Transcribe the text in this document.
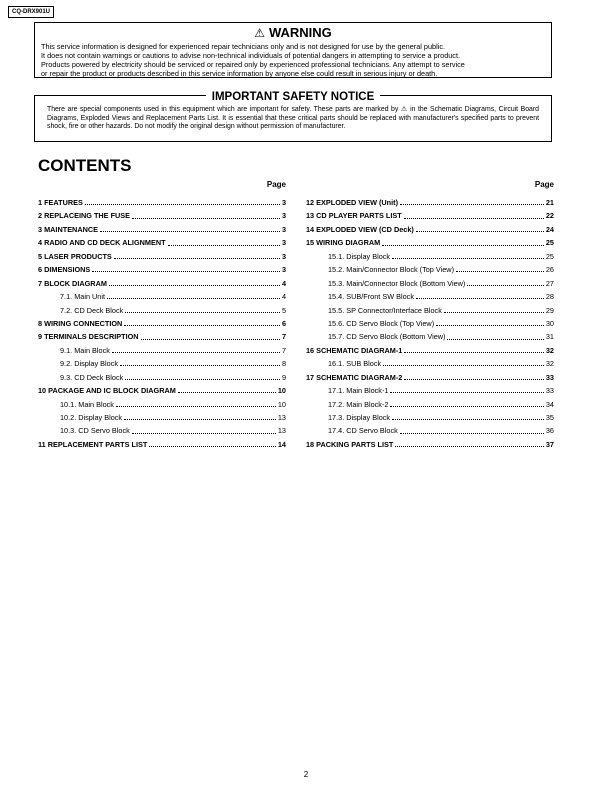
CQ-DRX901U
⚠ WARNING
This service information is designed for experienced repair technicians only and is not designed for use by the general public.
It does not contain warnings or cautions to advise non-technical individuals of potential dangers in attempting to service a product.
Products powered by electricity should be serviced or repaired only by experienced professional technicians. Any attempt to service
or repair the product or products described in this service information by anyone else could result in serious injury or death.
IMPORTANT SAFETY NOTICE
There are special components used in this equipment which are important for safety. These parts are marked by ⚠ in the Schematic Diagrams, Circuit Board Diagrams, Exploded Views and Replacement Parts List. It is essential that these critical parts should be replaced with manufacturer's specified parts to prevent shock, fire or other hazards. Do not modify the original design without permission of manufacturer.
CONTENTS
Page
1 FEATURES	3
2 REPLACEING THE FUSE	3
3 MAINTENANCE	3
4 RADIO AND CD DECK ALIGNMENT	3
5 LASER PRODUCTS	3
6 DIMENSIONS	3
7 BLOCK DIAGRAM	4
7.1. Main Unit	4
7.2. CD Deck Block	5
8 WIRING CONNECTION	6
9 TERMINALS DESCRIPTION	7
9.1. Main Block	7
9.2. Display Block	8
9.3. CD Deck Block	9
10 PACKAGE AND IC BLOCK DIAGRAM	10
10.1. Main Block	10
10.2. Display Block	13
10.3. CD Servo Block	13
11 REPLACEMENT PARTS LIST	14
Page
12 EXPLODED VIEW (Unit)	21
13 CD PLAYER PARTS LIST	22
14 EXPLODED VIEW (CD Deck)	24
15 WIRING DIAGRAM	25
15.1. Display Block	25
15.2. Main/Connector Block (Top View)	26
15.3. Main/Connector Block (Bottom View)	27
15.4. SUB/Front SW Block	28
15.5. SP Connector/Interface Block	29
15.6. CD Servo Block (Top View)	30
15.7. CD Servo Block (Bottom View)	31
16 SCHEMATIC DIAGRAM-1	32
16.1. SUB Block	32
17 SCHEMATIC DIAGRAM-2	33
17.1. Main Block-1	33
17.2. Main Block-2	34
17.3. Display Block	35
17.4. CD Servo Block	36
18 PACKING PARTS LIST	37
2
